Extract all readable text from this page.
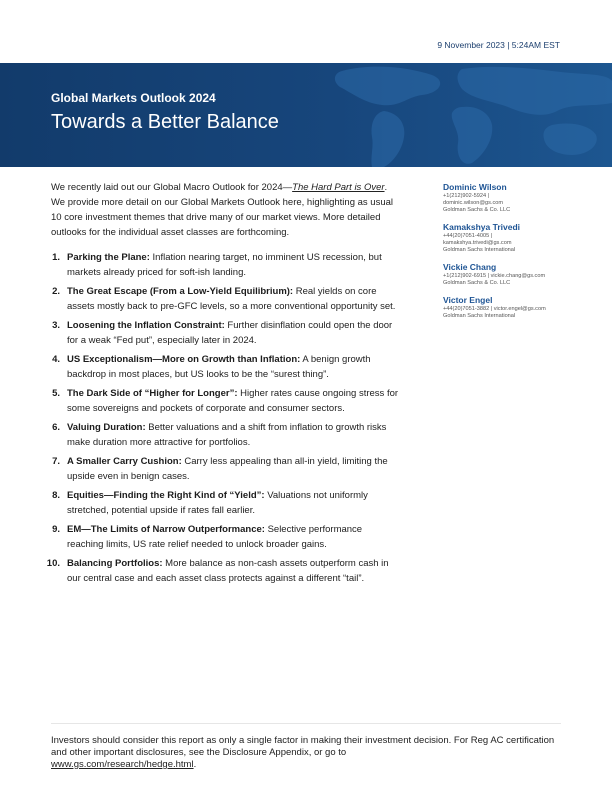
9 November 2023 | 5:24AM EST
Global Markets Outlook 2024
Towards a Better Balance

We recently laid out our Global Macro Outlook for 2024—The Hard Part is Over. We provide more detail on our Global Markets Outlook here, highlighting as usual 10 core investment themes that drive many of our market views. More detailed outlooks for the individual asset classes are forthcoming.

1. Parking the Plane: Inflation nearing target, no imminent US recession, but markets already priced for soft-ish landing.
2. The Great Escape (From a Low-Yield Equilibrium): Real yields on core assets mostly back to pre-GFC levels, so a more conventional opportunity set.
3. Loosening the Inflation Constraint: Further disinflation could open the door for a weak “Fed put”, especially later in 2024.
4. US Exceptionalism—More on Growth than Inflation: A benign growth backdrop in most places, but US looks to be the “surest thing”.
5. The Dark Side of “Higher for Longer”: Higher rates cause ongoing stress for some sovereigns and pockets of corporate and consumer sectors.
6. Valuing Duration: Better valuations and a shift from inflation to growth risks make duration more attractive for portfolios.
7. A Smaller Carry Cushion: Carry less appealing than all-in yield, limiting the upside even in benign cases.
8. Equities—Finding the Right Kind of “Yield”: Valuations not uniformly stretched, potential upside if rates fall earlier.
9. EM—The Limits of Narrow Outperformance: Selective performance reaching limits, US rate relief needed to unlock broader gains.
10. Balancing Portfolios: More balance as non-cash assets outperform cash in our central case and each asset class protects against a different “tail”.
Dominic Wilson
+1(212)902-5924 |
dominic.wilson@gs.com
Goldman Sachs & Co. LLC
Kamakshya Trivedi
+44(20)7051-4005 |
kamakshya.trivedi@gs.com
Goldman Sachs International
Vickie Chang
+1(212)902-6915 | vickie.chang@gs.com
Goldman Sachs & Co. LLC
Victor Engel
+44(20)7051-3882 | victor.engel@gs.com
Goldman Sachs International
Investors should consider this report as only a single factor in making their investment decision. For Reg AC certification and other important disclosures, see the Disclosure Appendix, or go to
www.gs.com/research/hedge.html.
